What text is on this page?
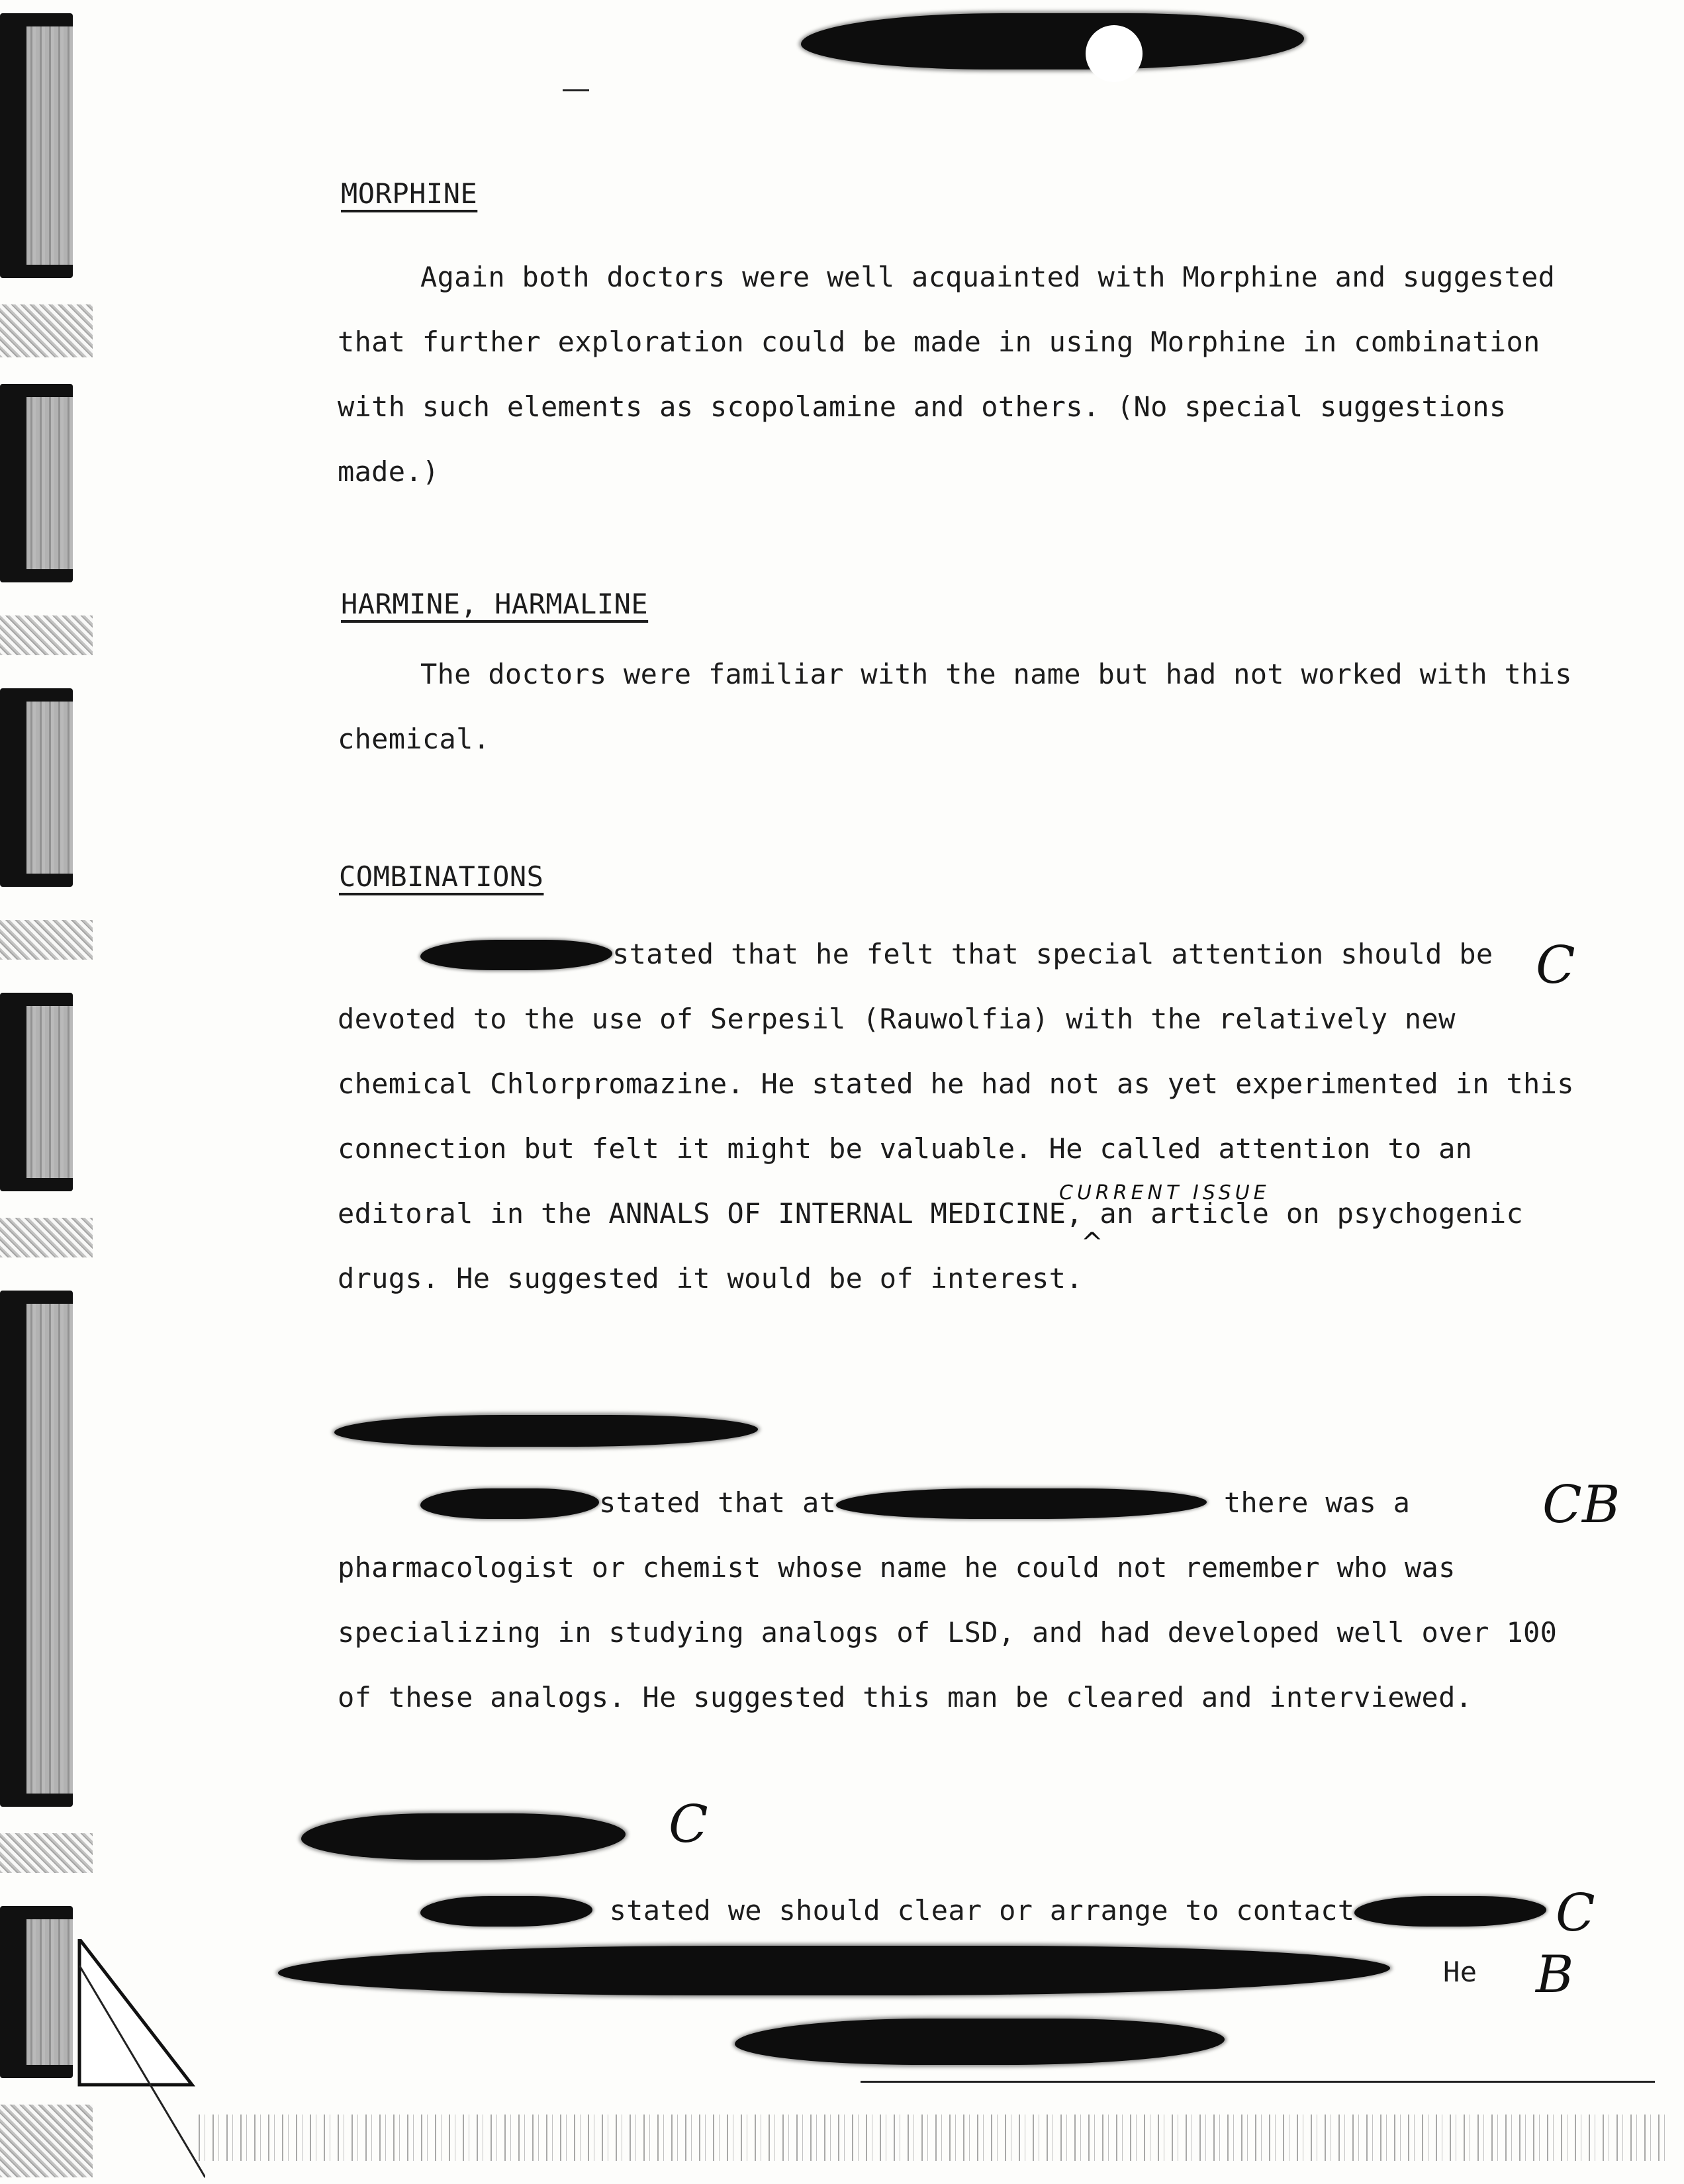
MORPHINE

Again both doctors were well acquainted with Morphine and suggested that further exploration could be made in using Morphine in combination with such elements as scopolamine and others. (No special suggestions made.)

HARMINE, HARMALINE

The doctors were familiar with the name but had not worked with this chemical.

COMBINATIONS

stated that he felt that special attention should be devoted to the use of Serpesil (Rauwolfia) with the relatively new chemical Chlorpromazine. He stated he had not as yet experimented in this connection but felt it might be valuable. He called attention to an editoral in the ANNALS OF INTERNAL MEDICINE, an article on psychogenic drugs. He suggested it would be of interest.

CURRENT ISSUE
^
C

stated that at	there was a pharmacologist or chemist whose name he could not remember who was specializing in studying analogs of LSD, and had developed well over 100 of these analogs. He suggested this man be cleared and interviewed.

C B
C

stated we should clear or arrange to contact	C
He B
